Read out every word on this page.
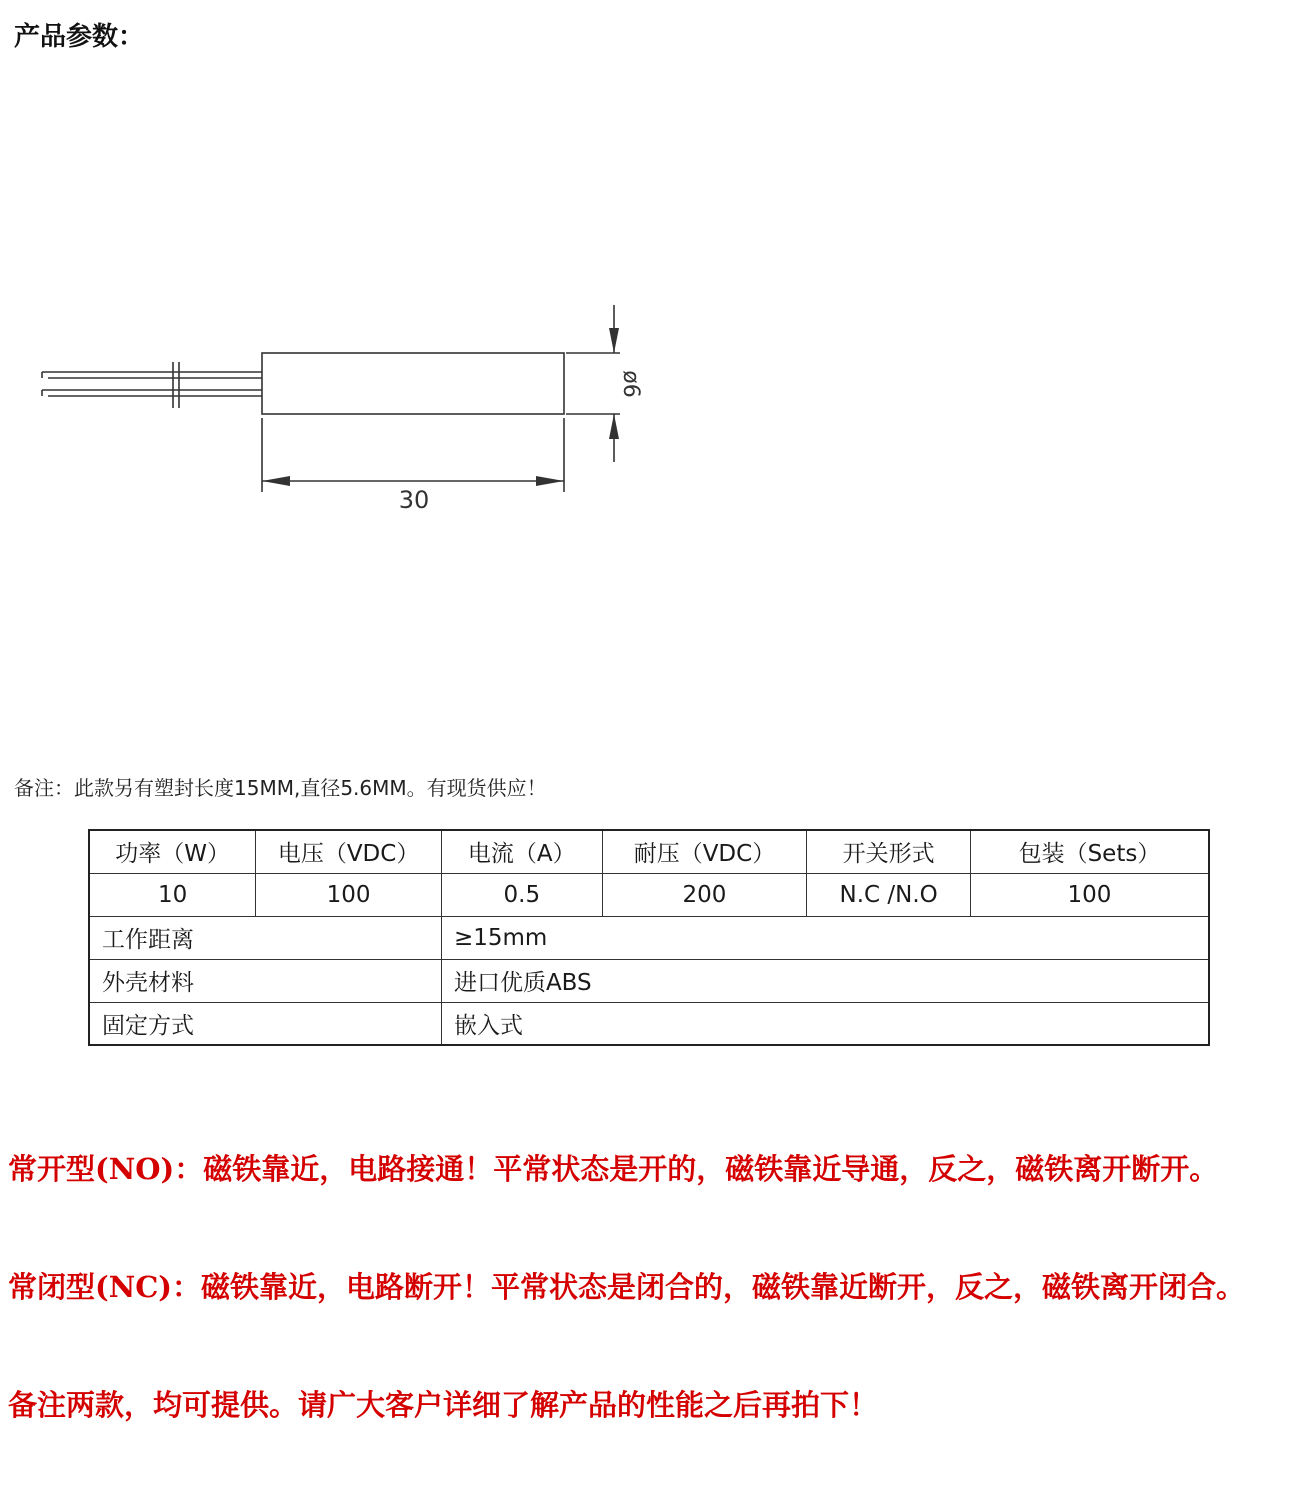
产品参数：
30
ø6
备注：此款另有塑封长度15MM,直径5.6MM。有现货供应！
功率（W）	电压（VDC）	电流（A）	耐压（VDC）	开关形式	包装（Sets）
10	100	0.5	200	N.C /N.O	100
工作距离		≥15mm			
外壳材料		进口优质ABS			
固定方式		嵌入式			
常开型(NO)：磁铁靠近，电路接通！平常状态是开的，磁铁靠近导通，反之，磁铁离开断开。
常闭型(NC)：磁铁靠近，电路断开！平常状态是闭合的，磁铁靠近断开，反之，磁铁离开闭合。
备注两款，均可提供。请广大客户详细了解产品的性能之后再拍下！
